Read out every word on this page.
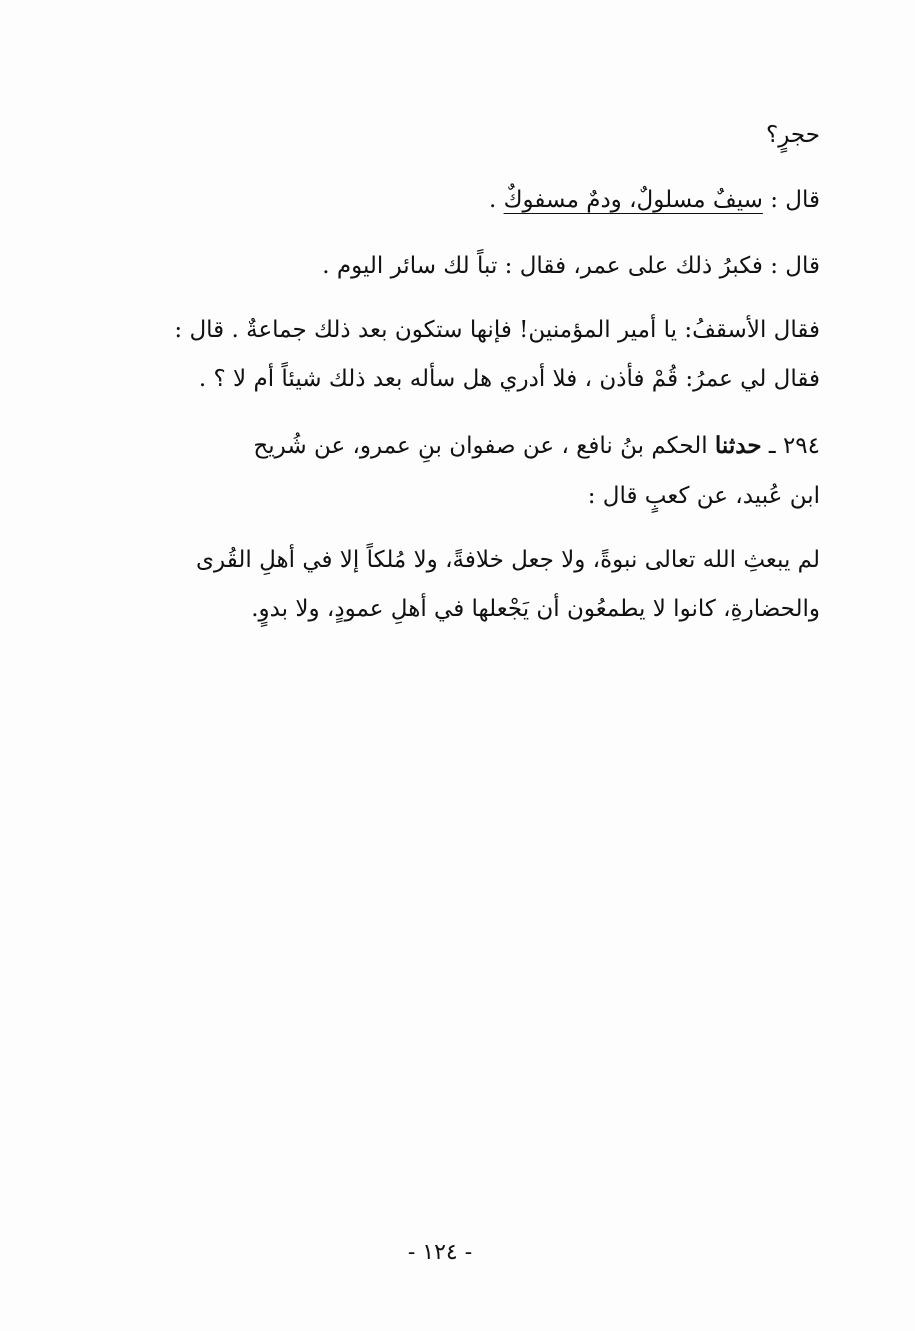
حجرٍ؟
قال : سيفٌ مسلولٌ، ودمٌ مسفوكٌ .
قال : فكبرُ ذلك على عمر، فقال : تباً لك سائر اليوم .
فقال الأسقفُ: يا أمير المؤمنين! فإنها ستكون بعد ذلك جماعةٌ . قال :
فقال لي عمرُ: قُمْ فأذن ، فلا أدري هل سأله بعد ذلك شيئاً أم لا ؟ .
٢٩٤ ـ حدثنا الحكم بنُ نافع ، عن صفوان بنِ عمرو، عن شُريح
ابن عُبيد، عن كعبٍ قال :
لم يبعثِ الله تعالى نبوةً، ولا جعل خلافةً، ولا مُلكاً إلا في أهلِ القُرى
والحضارةِ، كانوا لا يطمعُون أن يَجْعلها في أهلِ عمودٍ، ولا بدوٍ.
- ١٢٤ -
